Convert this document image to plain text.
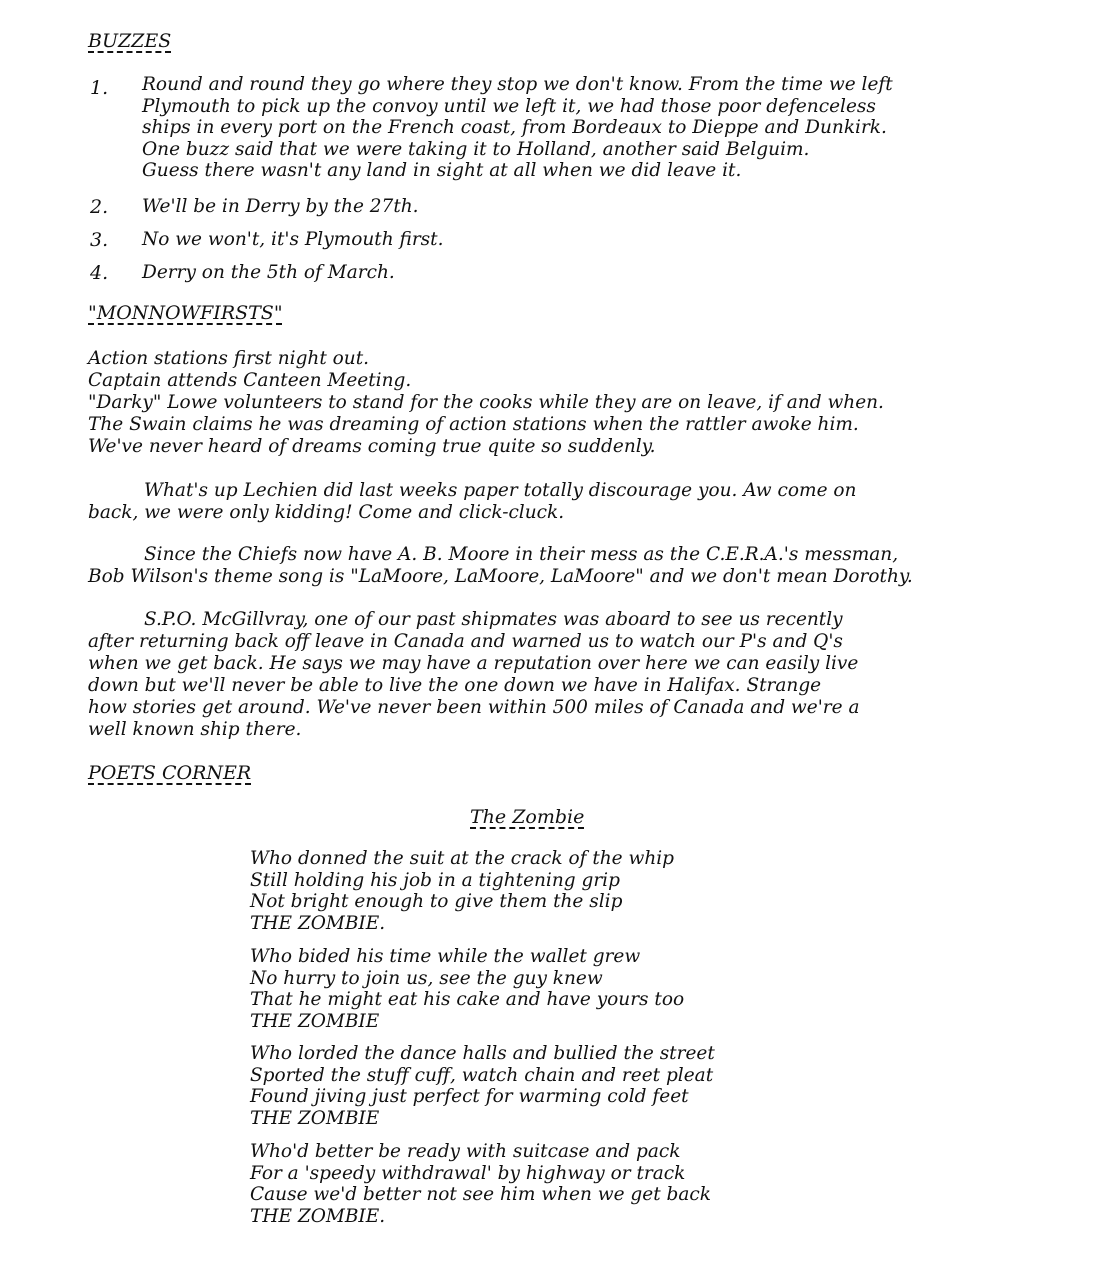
BUZZES
1. Round and round they go where they stop we don't know. From the time we left
Plymouth to pick up the convoy until we left it, we had those poor defenceless
ships in every port on the French coast, from Bordeaux to Dieppe and Dunkirk.
One buzz said that we were taking it to Holland, another said Belguim.
Guess there wasn't any land in sight at all when we did leave it.
2. We'll be in Derry by the 27th.
3. No we won't, it's Plymouth first.
4. Derry on the 5th of March.
"MONNOWFIRSTS"
Action stations first night out.
Captain attends Canteen Meeting.
"Darky" Lowe volunteers to stand for the cooks while they are on leave, if and when.
The Swain claims he was dreaming of action stations when the rattler awoke him.
We've never heard of dreams coming true quite so suddenly.
What's up Lechien did last weeks paper totally discourage you. Aw come on
back, we were only kidding! Come and click-cluck.
Since the Chiefs now have A. B. Moore in their mess as the C.E.R.A.'s messman,
Bob Wilson's theme song is "LaMoore, LaMoore, LaMoore" and we don't mean Dorothy.
S.P.O. McGillvray, one of our past shipmates was aboard to see us recently
after returning back off leave in Canada and warned us to watch our P's and Q's
when we get back. He says we may have a reputation over here we can easily live
down but we'll never be able to live the one down we have in Halifax. Strange
how stories get around. We've never been within 500 miles of Canada and we're a
well known ship there.
POETS CORNER
The Zombie
Who donned the suit at the crack of the whip
Still holding his job in a tightening grip
Not bright enough to give them the slip
THE ZOMBIE.
Who bided his time while the wallet grew
No hurry to join us, see the guy knew
That he might eat his cake and have yours too
THE ZOMBIE
Who lorded the dance halls and bullied the street
Sported the stuff cuff, watch chain and reet pleat
Found jiving just perfect for warming cold feet
THE ZOMBIE
Who'd better be ready with suitcase and pack
For a 'speedy withdrawal' by highway or track
Cause we'd better not see him when we get back
THE ZOMBIE.
